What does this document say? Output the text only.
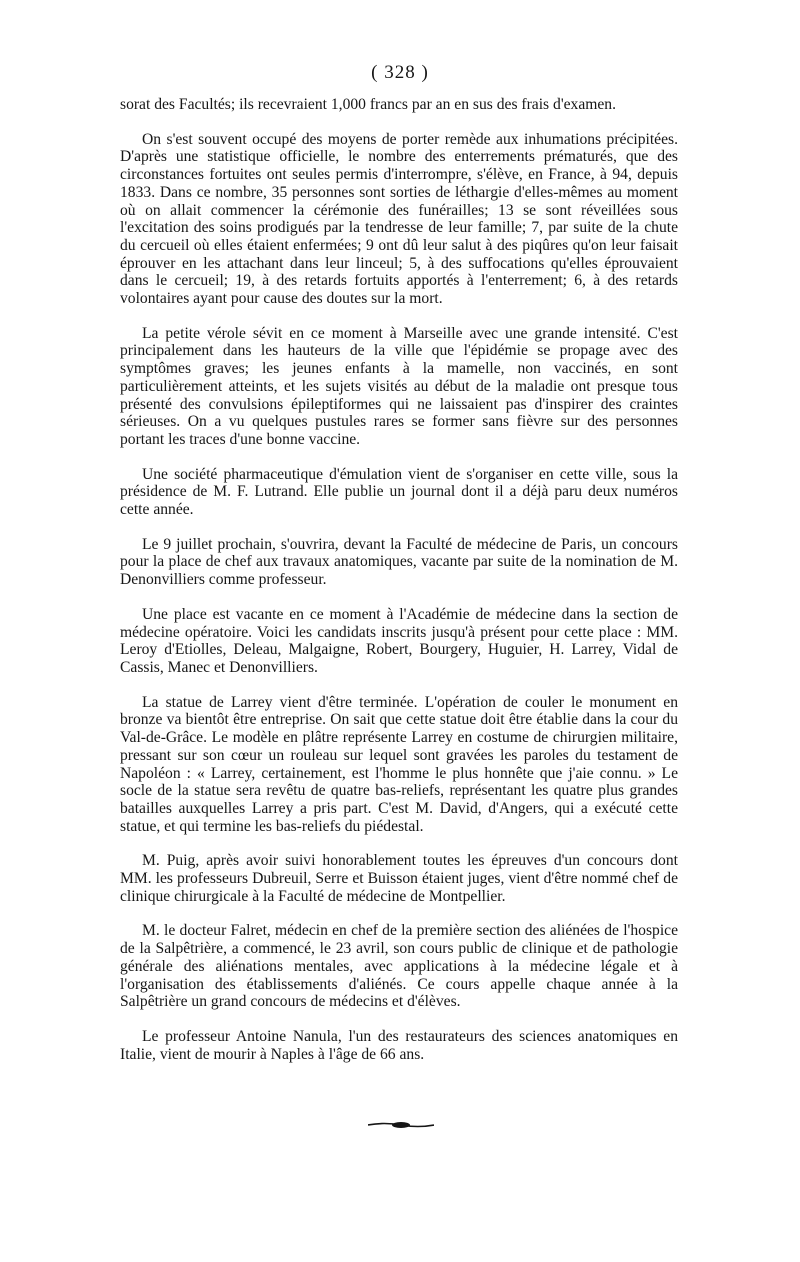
( 328 )

sorat des Facultés; ils recevraient 1,000 francs par an en sus des frais d'examen.

On s'est souvent occupé des moyens de porter remède aux inhumations précipitées. D'après une statistique officielle, le nombre des enterrements prématurés, que des circonstances fortuites ont seules permis d'interrompre, s'élève, en France, à 94, depuis 1833. Dans ce nombre, 35 personnes sont sorties de léthargie d'elles-mêmes au moment où on allait commencer la cérémonie des funérailles; 13 se sont réveillées sous l'excitation des soins prodigués par la tendresse de leur famille; 7, par suite de la chute du cercueil où elles étaient enfermées; 9 ont dû leur salut à des piqûres qu'on leur faisait éprouver en les attachant dans leur linceul; 5, à des suffocations qu'elles éprouvaient dans le cercueil; 19, à des retards fortuits apportés à l'enterrement; 6, à des retards volontaires ayant pour cause des doutes sur la mort.

La petite vérole sévit en ce moment à Marseille avec une grande intensité. C'est principalement dans les hauteurs de la ville que l'épidémie se propage avec des symptômes graves; les jeunes enfants à la mamelle, non vaccinés, en sont particulièrement atteints, et les sujets visités au début de la maladie ont presque tous présenté des convulsions épileptiformes qui ne laissaient pas d'inspirer des craintes sérieuses. On a vu quelques pustules rares se former sans fièvre sur des personnes portant les traces d'une bonne vaccine.

Une société pharmaceutique d'émulation vient de s'organiser en cette ville, sous la présidence de M. F. Lutrand. Elle publie un journal dont il a déjà paru deux numéros cette année.

Le 9 juillet prochain, s'ouvrira, devant la Faculté de médecine de Paris, un concours pour la place de chef aux travaux anatomiques, vacante par suite de la nomination de M. Denonvilliers comme professeur.

Une place est vacante en ce moment à l'Académie de médecine dans la section de médecine opératoire. Voici les candidats inscrits jusqu'à présent pour cette place : MM. Leroy d'Etiolles, Deleau, Malgaigne, Robert, Bourgery, Huguier, H. Larrey, Vidal de Cassis, Manec et Denonvilliers.

La statue de Larrey vient d'être terminée. L'opération de couler le monument en bronze va bientôt être entreprise. On sait que cette statue doit être établie dans la cour du Val-de-Grâce. Le modèle en plâtre représente Larrey en costume de chirurgien militaire, pressant sur son cœur un rouleau sur lequel sont gravées les paroles du testament de Napoléon : « Larrey, certainement, est l'homme le plus honnête que j'aie connu. » Le socle de la statue sera revêtu de quatre bas-reliefs, représentant les quatre plus grandes batailles auxquelles Larrey a pris part. C'est M. David, d'Angers, qui a exécuté cette statue, et qui termine les bas-reliefs du piédestal.

M. Puig, après avoir suivi honorablement toutes les épreuves d'un concours dont MM. les professeurs Dubreuil, Serre et Buisson étaient juges, vient d'être nommé chef de clinique chirurgicale à la Faculté de médecine de Montpellier.

M. le docteur Falret, médecin en chef de la première section des aliénées de l'hospice de la Salpêtrière, a commencé, le 23 avril, son cours public de clinique et de pathologie générale des aliénations mentales, avec applications à la médecine légale et à l'organisation des établissements d'aliénés. Ce cours appelle chaque année à la Salpêtrière un grand concours de médecins et d'élèves.

Le professeur Antoine Nanula, l'un des restaurateurs des sciences anatomiques en Italie, vient de mourir à Naples à l'âge de 66 ans.
